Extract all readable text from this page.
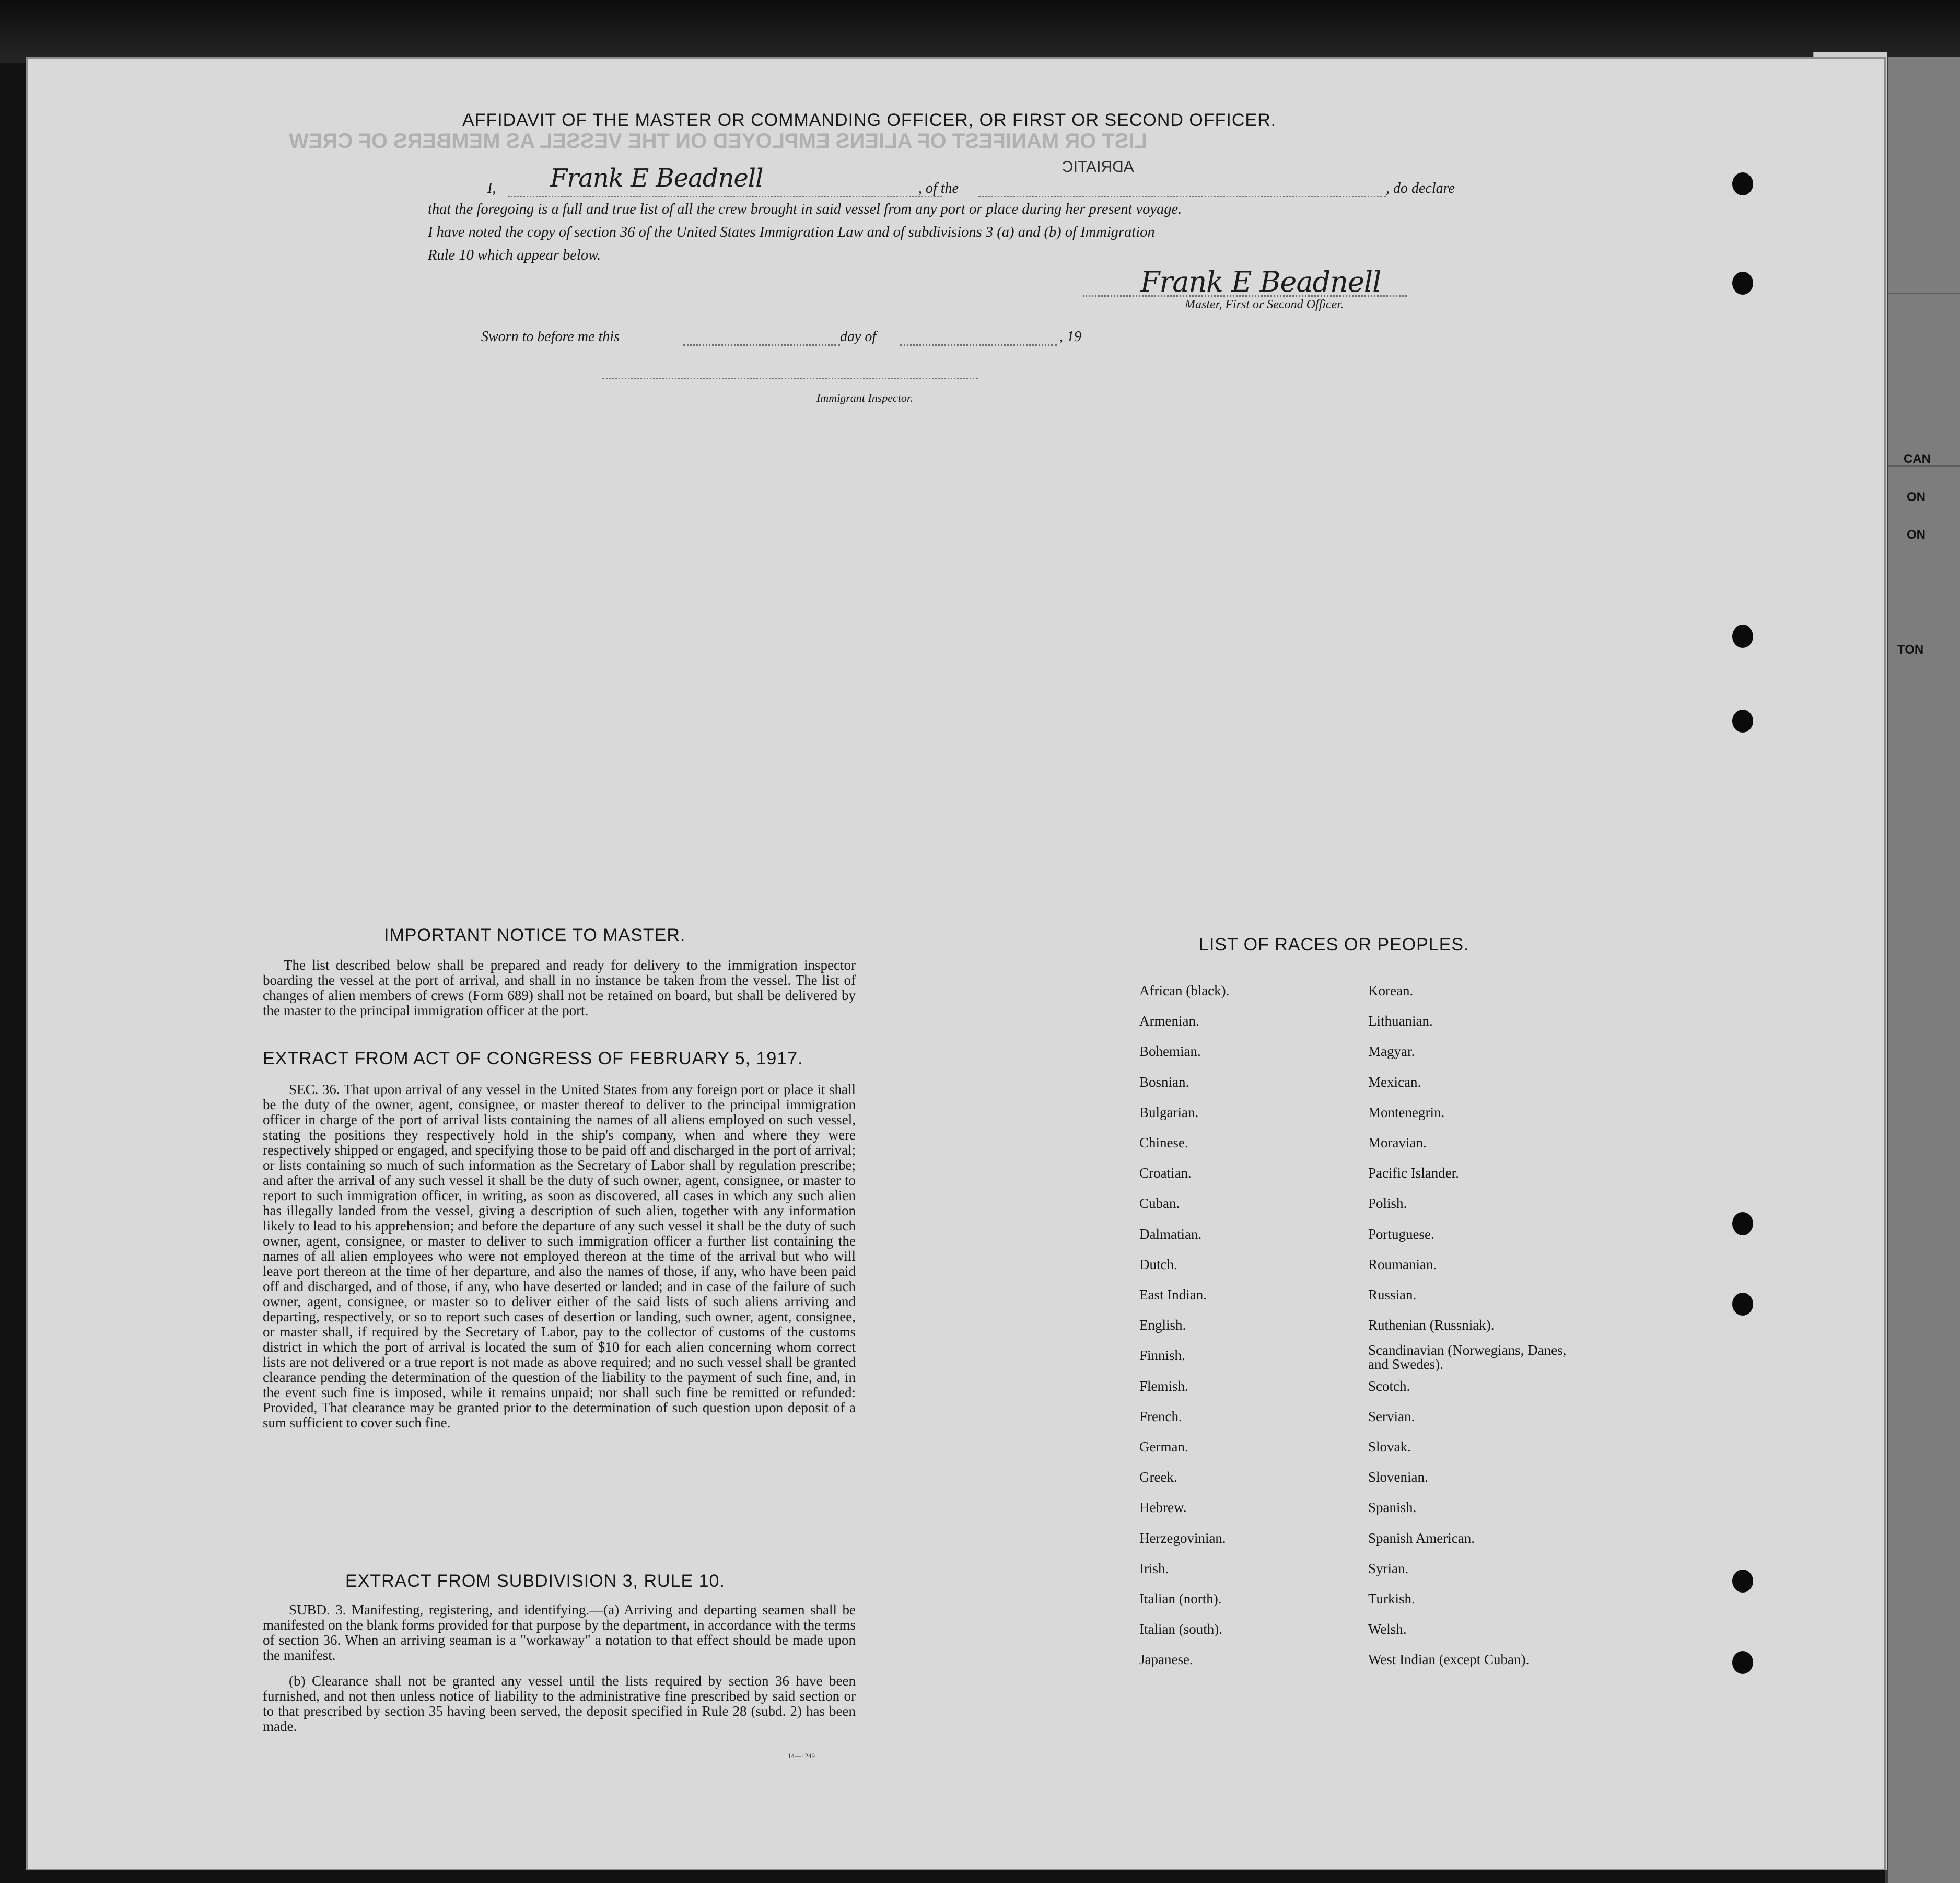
CAN
ON
ON
TON
LIST OR MANIFEST OF ALIENS EMPLOYED ON THE VESSEL AS MEMBERS OF CREW
AFFIDAVIT OF THE MASTER OR COMMANDING OFFICER, OR FIRST OR SECOND OFFICER.
I, Frank E Beadnell	, of the
ADRIATIC
, do declare
that the foregoing is a full and true list of all the crew brought in said vessel from any port or place during her present voyage.
I have noted the copy of section 36 of the United States Immigration Law and of subdivisions 3 (a) and (b) of Immigration
Rule 10 which appear below.
Frank E Beadnell
Master, First or Second Officer.
Sworn to before me this	day of	, 19
Immigrant Inspector.
IMPORTANT NOTICE TO MASTER.
The list described below shall be prepared and ready for delivery to the immigration inspector boarding the vessel at the port of arrival, and shall in no instance be taken from the vessel. The list of changes of alien members of crews (Form 689) shall not be retained on board, but shall be delivered by the master to the principal immigration officer at the port.
EXTRACT FROM ACT OF CONGRESS OF FEBRUARY 5, 1917.
SEC. 36. That upon arrival of any vessel in the United States from any foreign port or place it shall be the duty of the owner, agent, consignee, or master thereof to deliver to the principal immigration officer in charge of the port of arrival lists containing the names of all aliens employed on such vessel, stating the positions they respectively hold in the ship's company, when and where they were respectively shipped or engaged, and specifying those to be paid off and discharged in the port of arrival; or lists containing so much of such information as the Secretary of Labor shall by regulation prescribe; and after the arrival of any such vessel it shall be the duty of such owner, agent, consignee, or master to report to such immigration officer, in writing, as soon as discovered, all cases in which any such alien has illegally landed from the vessel, giving a description of such alien, together with any information likely to lead to his apprehension; and before the departure of any such vessel it shall be the duty of such owner, agent, consignee, or master to deliver to such immigration officer a further list containing the names of all alien employees who were not employed thereon at the time of the arrival but who will leave port thereon at the time of her departure, and also the names of those, if any, who have been paid off and discharged, and of those, if any, who have deserted or landed; and in case of the failure of such owner, agent, consignee, or master so to deliver either of the said lists of such aliens arriving and departing, respectively, or so to report such cases of desertion or landing, such owner, agent, consignee, or master shall, if required by the Secretary of Labor, pay to the collector of customs of the customs district in which the port of arrival is located the sum of $10 for each alien concerning whom correct lists are not delivered or a true report is not made as above required; and no such vessel shall be granted clearance pending the determination of the question of the liability to the payment of such fine, and, in the event such fine is imposed, while it remains unpaid; nor shall such fine be remitted or refunded: Provided, That clearance may be granted prior to the determination of such question upon deposit of a sum sufficient to cover such fine.
EXTRACT FROM SUBDIVISION 3, RULE 10.
SUBD. 3. Manifesting, registering, and identifying.—(a) Arriving and departing seamen shall be manifested on the blank forms provided for that purpose by the department, in accordance with the terms of section 36. When an arriving seaman is a "workaway" a notation to that effect should be made upon the manifest.
(b) Clearance shall not be granted any vessel until the lists required by section 36 have been furnished, and not then unless notice of liability to the administrative fine prescribed by said section or to that prescribed by section 35 having been served, the deposit specified in Rule 28 (subd. 2) has been made.
14—1249
LIST OF RACES OR PEOPLES.
African (black).
Armenian.
Bohemian.
Bosnian.
Bulgarian.
Chinese.
Croatian.
Cuban.
Dalmatian.
Dutch.
East Indian.
English.
Finnish.
Flemish.
French.
German.
Greek.
Hebrew.
Herzegovinian.
Irish.
Italian (north).
Italian (south).
Japanese.
Korean.
Lithuanian.
Magyar.
Mexican.
Montenegrin.
Moravian.
Pacific Islander.
Polish.
Portuguese.
Roumanian.
Russian.
Ruthenian (Russniak).
Scandinavian (Norwegians, Danes, and Swedes).
Scotch.
Servian.
Slovak.
Slovenian.
Spanish.
Spanish American.
Syrian.
Turkish.
Welsh.
West Indian (except Cuban).
